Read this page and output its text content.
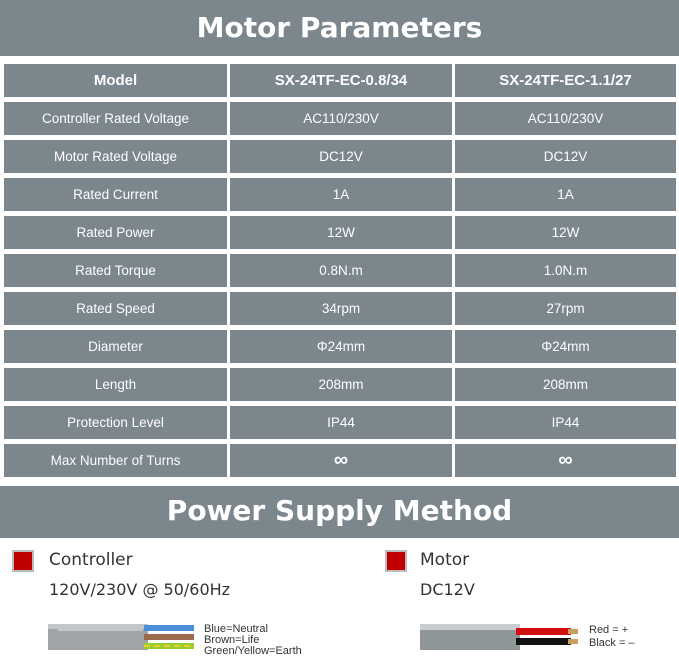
Motor Parameters
Model	SX-24TF-EC-0.8/34	SX-24TF-EC-1.1/27
Controller Rated Voltage	AC110/230V	AC110/230V
Motor Rated Voltage	DC12V	DC12V
Rated Current	1A	1A
Rated Power	12W	12W
Rated Torque	0.8N.m	1.0N.m
Rated Speed	34rpm	27rpm
Diameter	Φ24mm	Φ24mm
Length	208mm	208mm
Protection Level	IP44	IP44
Max Number of Turns	∞	∞
Power Supply Method
Controller
120V/230V @ 50/60Hz
Blue=Neutral
Brown=Life
Green/Yellow=Earth
Motor
DC12V
Red = +
Black = –
